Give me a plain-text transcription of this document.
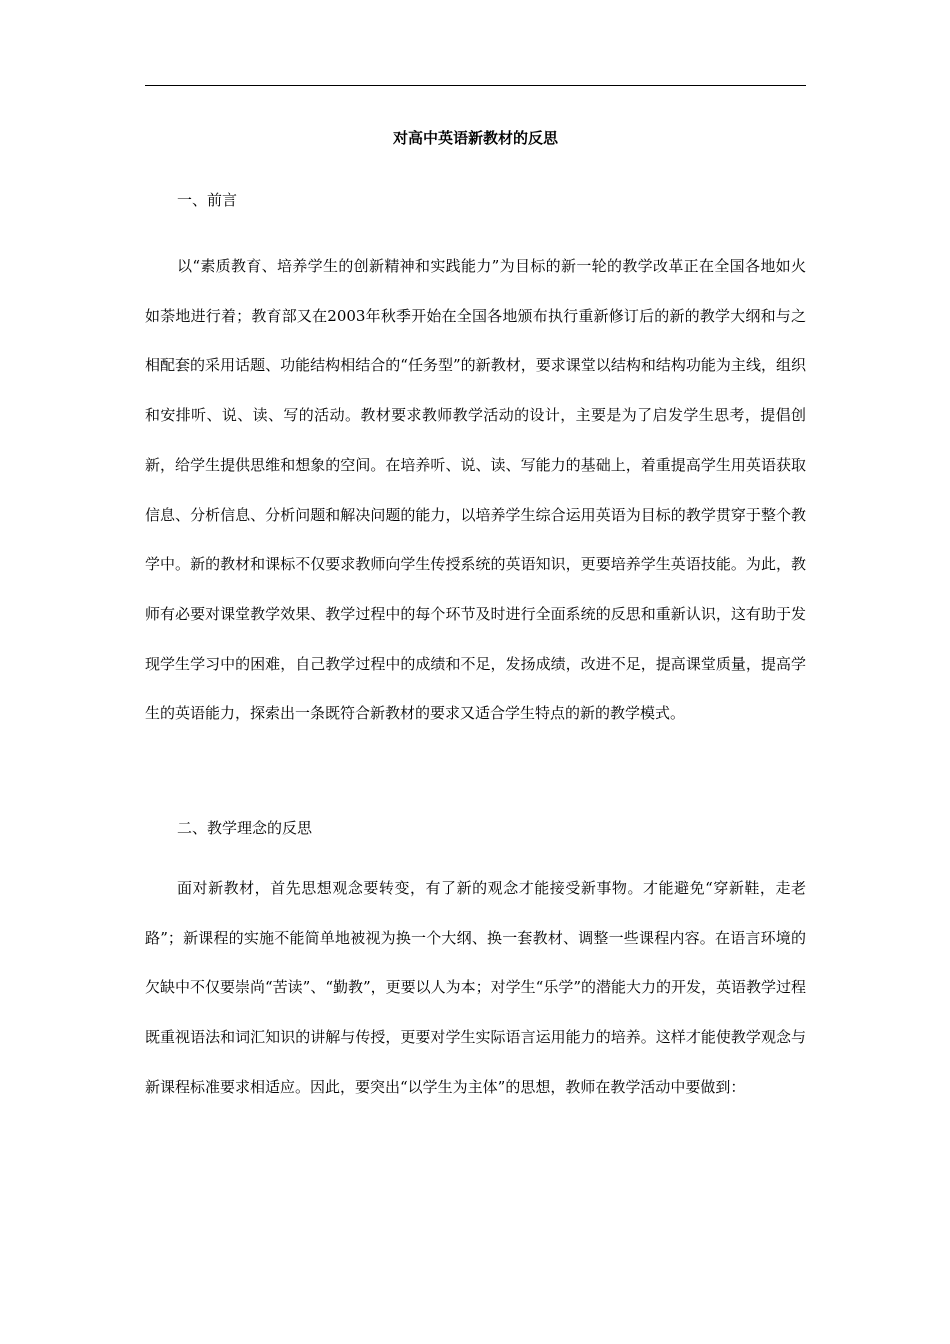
对高中英语新教材的反思
一、前言

以“素质教育、培养学生的创新精神和实践能力”为目标的新一轮的教学改革正在全国各地如火如荼地进行着；教育部又在2003年秋季开始在全国各地颁布执行重新修订后的新的教学大纲和与之相配套的采用话题、功能结构相结合的“任务型”的新教材，要求课堂以结构和结构功能为主线，组织和安排听、说、读、写的活动。教材要求教师教学活动的设计，主要是为了启发学生思考，提倡创新，给学生提供思维和想象的空间。在培养听、说、读、写能力的基础上，着重提高学生用英语获取信息、分析信息、分析问题和解决问题的能力，以培养学生综合运用英语为目标的教学贯穿于整个教学中。新的教材和课标不仅要求教师向学生传授系统的英语知识，更要培养学生英语技能。为此，教师有必要对课堂教学效果、教学过程中的每个环节及时进行全面系统的反思和重新认识，这有助于发现学生学习中的困难，自己教学过程中的成绩和不足，发扬成绩，改进不足，提高课堂质量，提高学生的英语能力，探索出一条既符合新教材的要求又适合学生特点的新的教学模式。

二、教学理念的反思

面对新教材，首先思想观念要转变，有了新的观念才能接受新事物。才能避免“穿新鞋，走老路”；新课程的实施不能简单地被视为换一个大纲、换一套教材、调整一些课程内容。在语言环境的欠缺中不仅要崇尚“苦读”、“勤教”，更要以人为本；对学生“乐学”的潜能大力的开发，英语教学过程既重视语法和词汇知识的讲解与传授，更要对学生实际语言运用能力的培养。这样才能使教学观念与新课程标准要求相适应。因此，要突出“以学生为主体”的思想，教师在教学活动中要做到：
